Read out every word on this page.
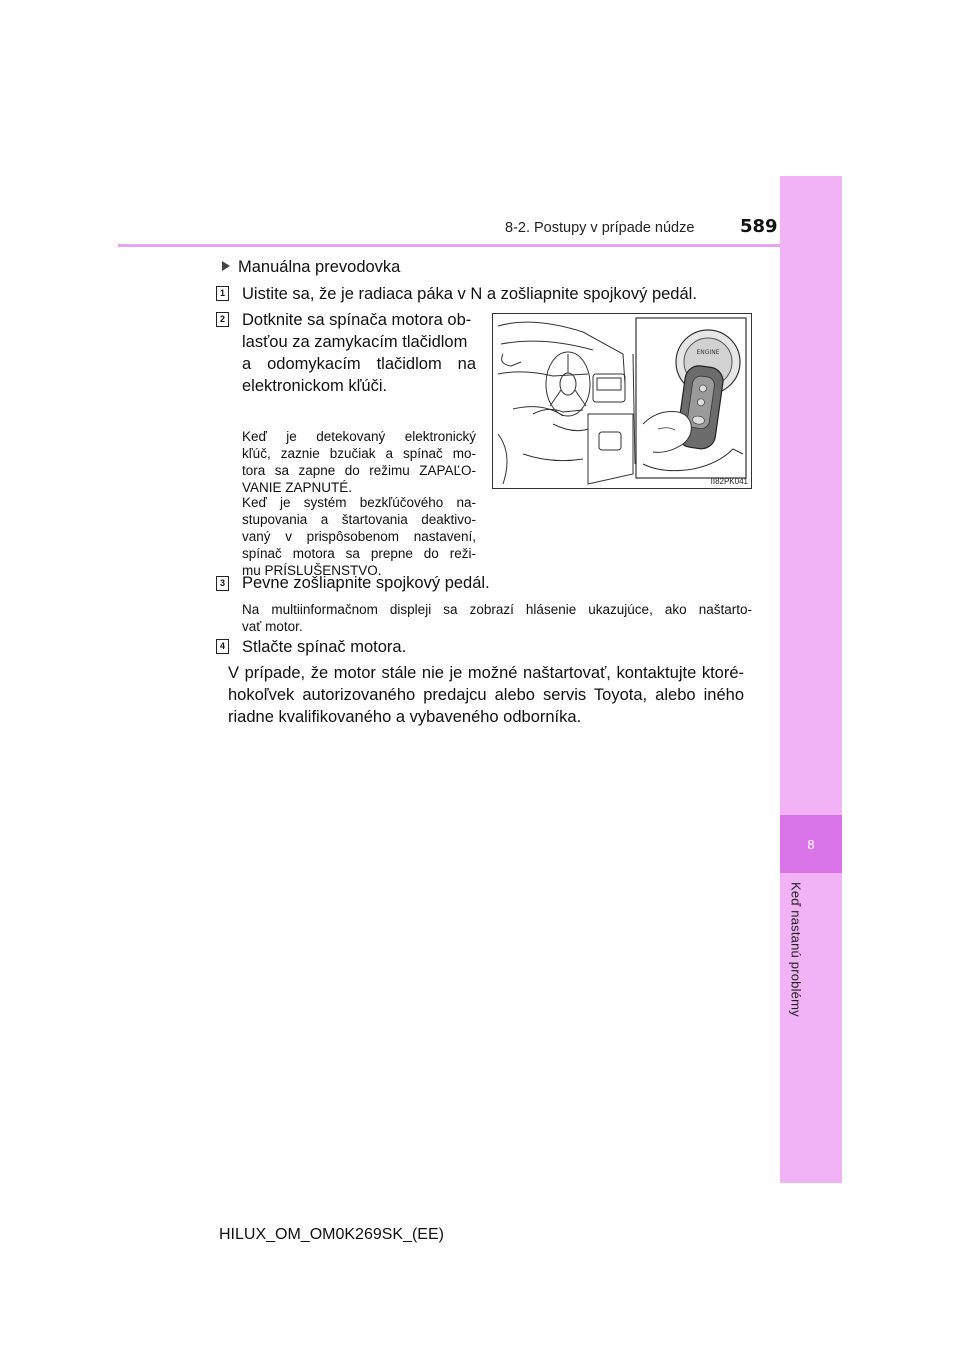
8
Keď nastanú problémy
8-2. Postupy v prípade núdze	589
Manuálna prevodovka
1 Uistite sa, že je radiaca páka v N a zošliapnite spojkový pedál.
2 Dotknite sa spínača motora ob-
lasťou za zamykacím tlačidlom
a odomykacím tlačidlom na
elektronickom kľúči.
Keď je detekovaný elektronický
kľúč, zaznie bzučiak a spínač mo-
tora sa zapne do režimu ZAPAĽO-
VANIE ZAPNUTÉ.
Keď je systém bezkľúčového na-
stupovania a štartovania deaktivo-
vaný v prispôsobenom nastavení,
spínač motora sa prepne do reži-
mu PRÍSLUŠENSTVO.
ENGINE
II82PK041
3 Pevne zošliapnite spojkový pedál.
Na multiinformačnom displeji sa zobrazí hlásenie ukazujúce, ako naštarto-
vať motor.
4 Stlačte spínač motora.
V prípade, že motor stále nie je možné naštartovať, kontaktujte ktoré-
hokoľvek autorizovaného predajcu alebo servis Toyota, alebo iného
riadne kvalifikovaného a vybaveného odborníka.
HILUX_OM_OM0K269SK_(EE)
